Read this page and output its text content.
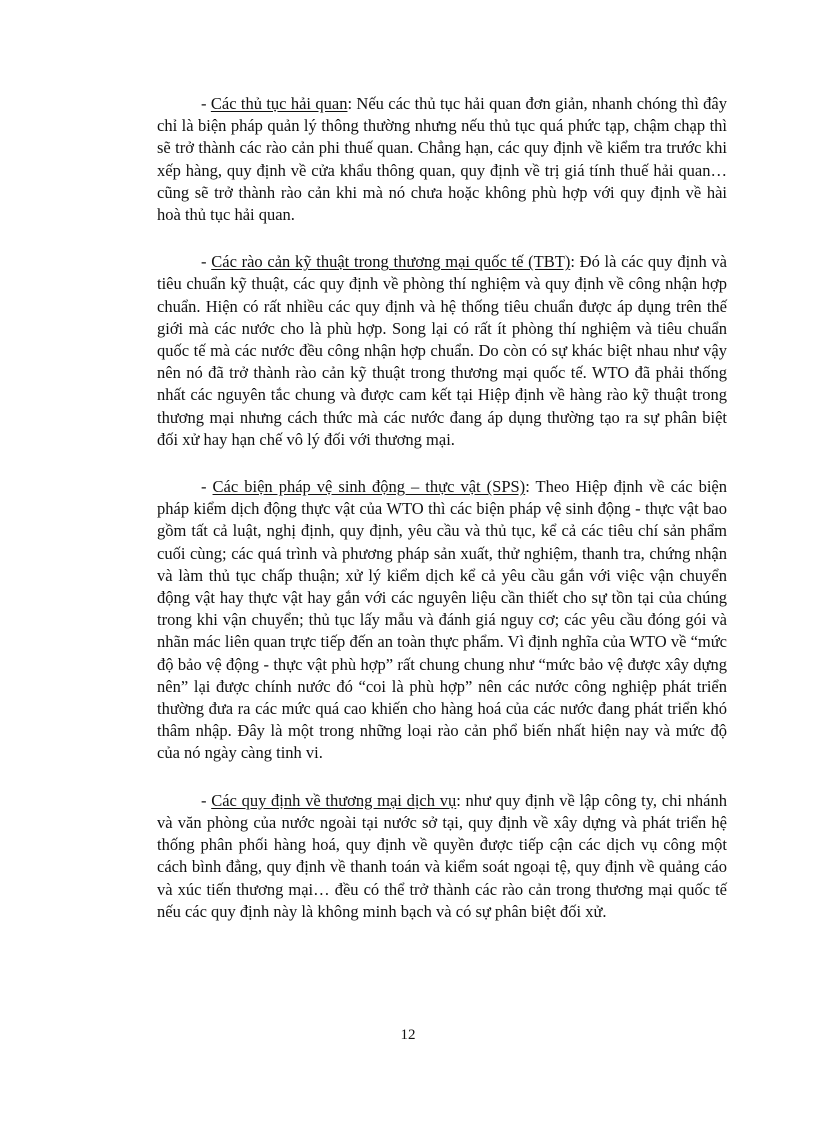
- Các thủ tục hải quan: Nếu các thủ tục hải quan đơn giản, nhanh chóng thì đây chỉ là biện pháp quản lý thông thường nhưng nếu thủ tục quá phức tạp, chậm chạp thì sẽ trở thành các rào cản phi thuế quan. Chẳng hạn, các quy định về kiểm tra trước khi xếp hàng, quy định về cửa khẩu thông quan, quy định về trị giá tính thuế hải quan… cũng sẽ trở thành rào cản khi mà nó chưa hoặc không phù hợp với quy định về hài hoà thủ tục hải quan.

- Các rào cản kỹ thuật trong thương mại quốc tế (TBT): Đó là các quy định và tiêu chuẩn kỹ thuật, các quy định về phòng thí nghiệm và quy định về công nhận hợp chuẩn. Hiện có rất nhiều các quy định và hệ thống tiêu chuẩn được áp dụng trên thế giới mà các nước cho là phù hợp. Song lại có rất ít phòng thí nghiệm và tiêu chuẩn quốc tế mà các nước đều công nhận hợp chuẩn. Do còn có sự khác biệt nhau như vậy nên nó đã trở thành rào cản kỹ thuật trong thương mại quốc tế. WTO đã phải thống nhất các nguyên tắc chung và được cam kết tại Hiệp định về hàng rào kỹ thuật trong thương mại nhưng cách thức mà các nước đang áp dụng thường tạo ra sự phân biệt đối xử hay hạn chế vô lý đối với thương mại.

- Các biện pháp vệ sinh động – thực vật (SPS): Theo Hiệp định về các biện pháp kiểm dịch động thực vật của WTO thì các biện pháp vệ sinh động - thực vật bao gồm tất cả luật, nghị định, quy định, yêu cầu và thủ tục, kể cả các tiêu chí sản phẩm cuối cùng; các quá trình và phương pháp sản xuất, thử nghiệm, thanh tra, chứng nhận và làm thủ tục chấp thuận; xử lý kiểm dịch kể cả yêu cầu gắn với việc vận chuyển động vật hay thực vật hay gắn với các nguyên liệu cần thiết cho sự tồn tại của chúng trong khi vận chuyển; thủ tục lấy mẫu và đánh giá nguy cơ; các yêu cầu đóng gói và nhãn mác liên quan trực tiếp đến an toàn thực phẩm. Vì định nghĩa của WTO về “mức độ bảo vệ động - thực vật phù hợp” rất chung chung như “mức bảo vệ được xây dựng nên” lại được chính nước đó “coi là phù hợp” nên các nước công nghiệp phát triển thường đưa ra các mức quá cao khiến cho hàng hoá của các nước đang phát triển khó thâm nhập. Đây là một trong những loại rào cản phổ biến nhất hiện nay và mức độ của nó ngày càng tinh vi.

- Các quy định về thương mại dịch vụ: như quy định về lập công ty, chi nhánh và văn phòng của nước ngoài tại nước sở tại, quy định về xây dựng và phát triển hệ thống phân phối hàng hoá, quy định về quyền được tiếp cận các dịch vụ công một cách bình đẳng, quy định về thanh toán và kiểm soát ngoại tệ, quy định về quảng cáo và xúc tiến thương mại… đều có thể trở thành các rào cản trong thương mại quốc tế nếu các quy định này là không minh bạch và có sự phân biệt đối xử.

12
